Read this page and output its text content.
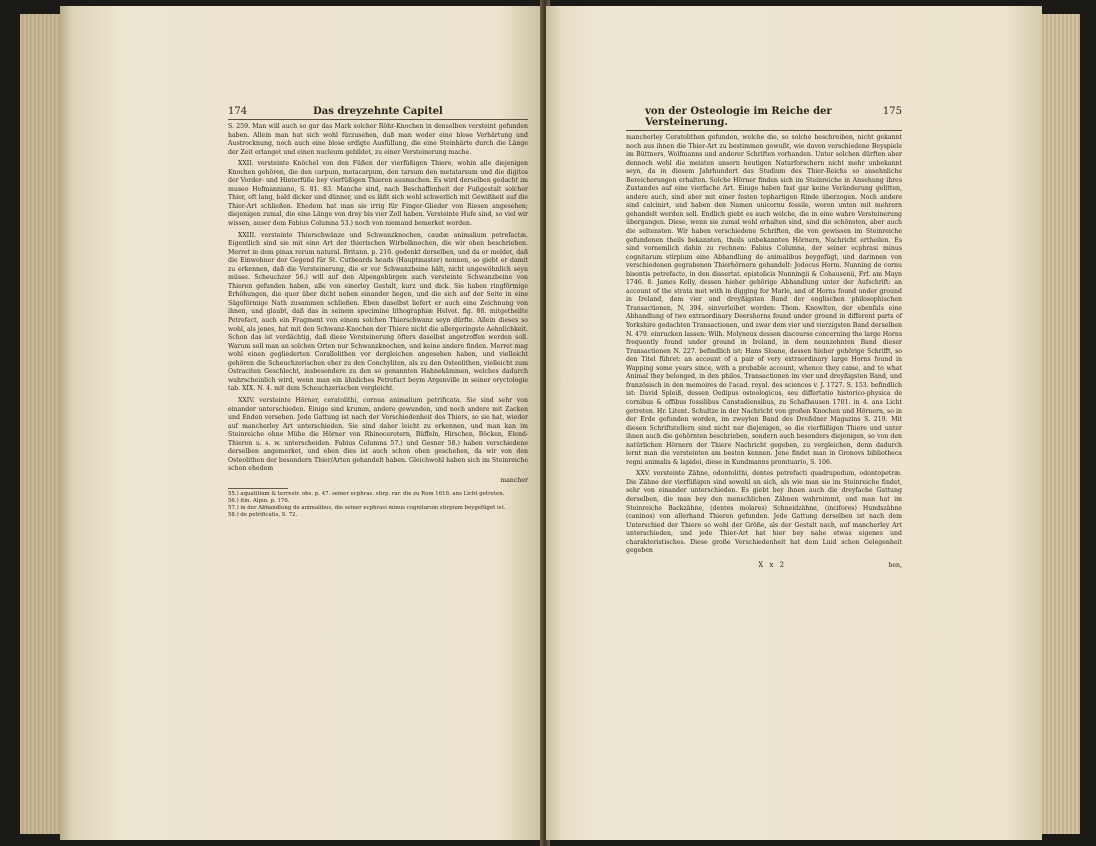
174	Das dreyzehnte Capitel

S. 259. Man will auch so gar das Mark solcher Röhr-Knochen in denselben versteint gefunden haben. Allein man hat sich wohl fürzusehen, daß man weder eine blose Verhärtung und Austrocknung, noch auch eine blose erdigte Ausfüllung, die eine Steinhärte durch die Länge der Zeit erlanget und einen nucleum gebildet, zu einer Versteinerung mache.

XXII. versteinte Knöchel von den Füßen der vierfüßigen Thiere, wohin alle diejenigen Knochen gehören, die den carpum, metacarpum, den tarsum den metatarsum und die digitos der Vorder- und Hinterfüße bey vierfüßigen Thieren ausmachen. Es wird derselben gedacht im museo Hofmanniano, S. 81. 83. Manche sind, nach Beschaffenheit der Fußgestalt solcher Thier, oft lang, bald dicker und dünner, und es läßt sich wohl schwerlich mit Gewißheit auf die Thier-Art schließen. Ehedem hat man sie irrig für Finger-Glieder von Riesen angesehen; diejenigen zumal, die eine Länge von drey bis vier Zoll haben. Versteinte Hufe sind, so viel wir wissen, auser dem Fabius Columna 53.) noch von niemand bemerket worden.

XXIII. versteinte Thierschwänze und Schwanzknochen, caudæ animalium petrefactæ. Eigentlich sind sie mit eine Art der thierischen Wirbelknochen, die wir oben beschrieben. Merret in dem pinax rerum natural. Britann. p. 216. gedenkt derselben, und da er meldet, daß die Einwohner der Gegend für St. Cutbeards heads (Hauptmaster) nennen, so giebt er damit zu erkennen, daß die Versteinerung, die er vor Schwanzbeine hält, nicht ungewöhnlich seyn müsse. Scheuchzer 56.) will auf den Alpengebürgen auch versteinte Schwanzbeine von Thieren gefunden haben, alle von einerley Gestalt, kurz und dick. Sie haben ringförmige Erhöhungen, die quer über dicht neben einander liegen, und die sich auf der Seite in eine Sägeförmige Nath zusammen schließen. Eben daselbst liefert er auch eine Zeichnung von ihnen, und glaubt, daß das in seinem specimine lithographiæ Helvet. fig. 88. mitgetheilte Petrefact, auch ein Fragment von einem solchen Thierschwanz seyn dürfte. Allein dieses so wohl, als jenes, hat mit den Schwanz-Knochen der Thiere nicht die allergeringste Aehnlichkeit. Schon das ist verdächtig, daß diese Versteinerung öfters daselbst angetroffen werden soll. Warum soll man an solchen Orten nur Schwanzknochen, und keine andere finden. Merret mag wohl einen gegliederten Corallolithen vor dergleichen angesehen haben, und vielleicht gehören die Scheuchzerischen eher zu den Conchyliten, als zu den Osteolithen, vielleicht zum Ostraciten Geschlecht, insbesondere zu den so genannten Hahnekämmen, welches dadurch wahrscheinlich wird, wenn man ein ähnliches Petrefact beym Argenville in seiner oryctologie tab. XIX. N. 4. mit dem Scheuchzerischen vergleicht.

XXIV. versteinte Hörner, ceratolithi, cornua animalium petrificata. Sie sind sehr von einander unterschieden. Einige sind krumm, andere gewunden, und noch andere mit Zacken und Enden versehen. Jede Gattung ist nach der Verschiedenheit des Thiers, so sie hat, wieder auf mancherley Art unterschieden. Sie sind daher leicht zu erkennen, und man kan im Steinreiche ohne Mühe die Hörner von Rhinocerotern, Büffeln, Hirschen, Böcken, Elend-Thieren u. s. w. unterscheiden. Fabius Columna 57.) und Gesner 58.) haben verschiedene derselben angemerket, und eben dies ist auch schon oben geschehen, da wir von den Osteolithen der besondern Thier/Arten gehandelt haben. Gleichwohl haben sich im Steinreiche schon ehedem

mancher
55.) aquatilium & terrestr. obs. p. 47. seiner ecphras. stirp. rar. die zu Rom 1616. ans Licht getreten.
56.) itin. Alpin. p. 176.
57.) in der Abhandlung de animalibus, die seiner ecphrasi minus cognitarum stirpium beygefüget ist.
58.) de petrificatis, S. 72.
von der Osteologie im Reiche der Versteinerung.
175

mancherley Ceratolithen gefunden, welche die, so solche beschreiben, nicht gekannt noch aus ihnen die Thier-Art zu bestimmen gewußt, wie davon verschiedene Beyspiele im Büttners, Wolfmanns und anderer Schriften vorhanden. Unter solchen dürften aber dennoch wohl die meisten unsern heutigen Naturforschern nicht mehr unbekannt seyn, da in diesem Jahrhundert das Studium des Thier-Reichs so ansehnliche Bereicherungen erhalten. Solche Hörner finden sich im Steinreiche in Ansehung ihres Zustandes auf eine vierfache Art. Einige haben fast gar keine Veränderung gelitten, andere auch, sind aber mit einer festen tophartigen Rinde überzogen. Noch andere sind calcinirt, und haben den Namen unicornu fossile, woron unten mit mehrern gehandelt werden soll. Endlich giebt es auch welche, die in eine wahre Versteinerung übergangen. Diese, wenn sie zumal wohl erhalten sind, sind die schönsten, aber auch die seltensten. Wir haben verschiedene Schriften, die von gewissen im Steinreiche gefundenen theils bekannten, theils unbekannten Hörnern, Nachricht ertheilen. Es sind vornemlich dahin zu rechnen: Fabius Columna, der seiner ecphrasi minus cognitarum stirpium eine Abhandlung de animalibus beygefügt, und darinnen von verschiedenen gegrabenen Thierhörnern gehandelt: Jodocus Herm. Nunning de cornu bisontis petrefacto, in den dissertat. epistolicis Nunningii & Cohausenii, Frf. am Mayn 1746. 8. James Kelly, dessen hieher gehörige Abhandlung unter der Aufschrift: an account of the strata met with in digging for Marle, and of Horns found under ground in Ireland, dem vier und dreyßigsten Band der englischen philosophischen Transactionen, N. 394. einverleibet worden: Thom. Knowlton, der ebenfals eine Abhandlung of two extraordinary Deershorns found under ground in different parts of Yorkshire gedachten Transactionen, und zwar dem vier und vierzigsten Band derselben N. 479. einrucken lassen: Wilh. Molyneux dessen discourse concerning the large Horns frequently found under ground in Ireland, in dem neunzehnten Band dieser Transactionen N. 227. befindlich ist: Hans Sloane, dessen hieher gehörige Schrifft, so den Titel führet: an account of a pair of very extraordinary large Horns found in Wapping some years since, with a probable account, whence they came, and to what Animal they belonged, in den philos. Transactionen im vier und dreyßigsten Band, und französisch in den memoires de l'acad. royal. des sciences v. J. 1727. S. 153. befindlich ist: David Spleiß, dessen Oedipus osteologicus, seu differtatio historico-physica de cornibus & offibus fossilibus Canstadiensibus, zu Schafhausen 1701. in 4. ans Licht getreten. Hr. Litent. Schultze in der Nachricht von großen Knochen und Hörnern, so in der Erde gefunden worden, im zweyten Band des Dreßdner Magazins S. 219. Mit diesen Schriftstellern sind nicht nur diejenigen, so die vierfüßigen Thiere und unter ihnen auch die gehörnten beschrieben, sondern auch besonders diejenigen, so von den natürlichen Hörnern der Thiere Nachricht gegeben, zu vergleichen, denn dadurch lernt man die versteinten am besten kennen. Jene findet man in Gronovs bibliotheca regni animalis & lapidei, diese in Kundmanns promtuario, S. 106.

XXV. versteinte Zähne, odontolithi, dentes petrefacti quadrupedum, odontopetræ. Die Zähne der vierfüßigen sind sowohl an sich, als wie man sie im Steinreiche findet, sehr von einander unterschieden. Es giebt bey ihnen auch die dreyfache Gattung derselben, die man bey den menschlichen Zähnen wahrnimmt, und man hat im Steinreiche Backzähne, (dentes molares) Schneidzähne, (incifores) Hundszähne (caninos) von allerhand Thieren gefunden. Jede Gattung derselben ist nach dem Unterschied der Thiere so wohl der Größe, als der Gestalt nach, auf mancherley Art unterschieden, und jede Thier-Art hat hier bey nahe etwas eigenes und charakteristisches. Diese große Verschiedenheit hat dem Luid schon Gelegenheit gegeben

X x 2	ben,
